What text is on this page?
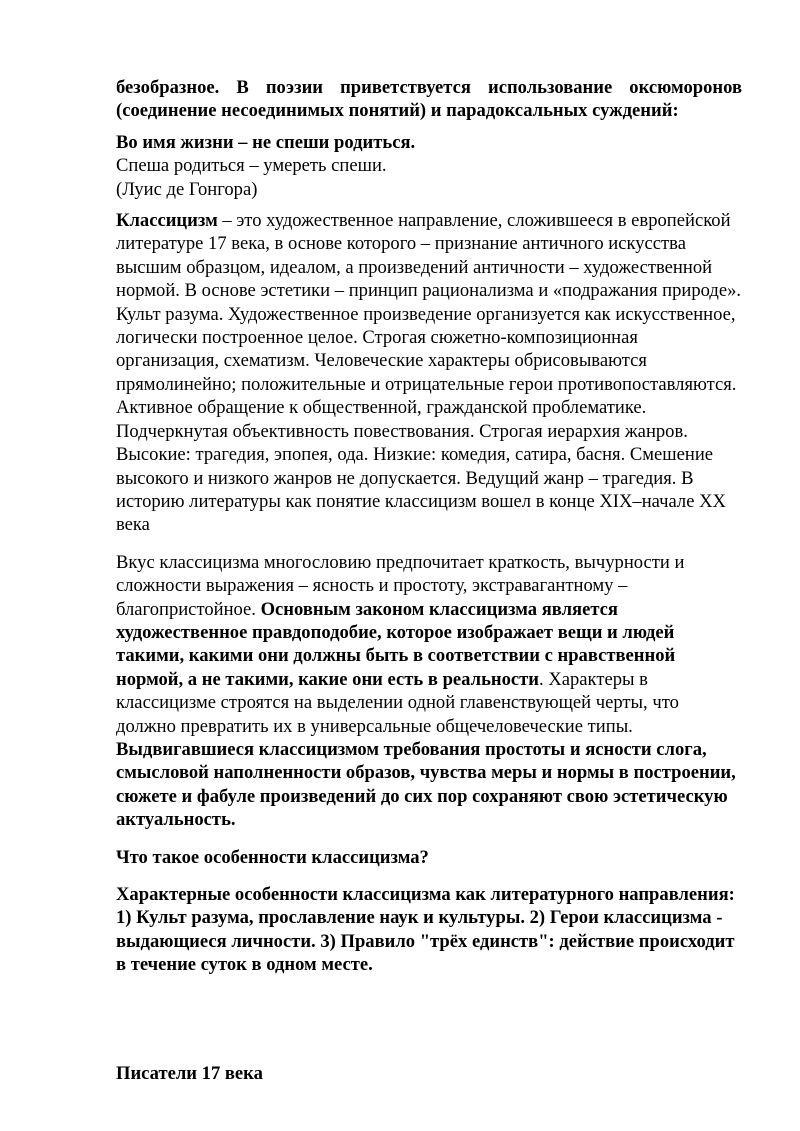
безобразное. В поэзии приветствуется использование оксюморонов (соединение несоединимых понятий) и парадоксальных суждений:

Во имя жизни – не спеши родиться.

Спеша родиться – умереть спеши.

(Луис де Гонгора)

Классицизм – это художественное направление, сложившееся в европейской литературе 17 века, в основе которого – признание античного искусства высшим образцом, идеалом, а произведений античности – художественной нормой. В основе эстетики – принцип рационализма и «подражания природе». Культ разума. Художественное произведение организуется как искусственное, логически построенное целое. Строгая сюжетно-композиционная организация, схематизм. Человеческие характеры обрисовываются прямолинейно; положительные и отрицательные герои противопоставляются. Активное обращение к общественной, гражданской проблематике. Подчеркнутая объективность повествования. Строгая иерархия жанров. Высокие: трагедия, эпопея, ода. Низкие: комедия, сатира, басня. Смешение высокого и низкого жанров не допускается. Ведущий жанр – трагедия. В историю литературы как понятие классицизм вошел в конце XIX–начале XX века

Вкус классицизма многословию предпочитает краткость, вычурности и сложности выражения – ясность и простоту, экстравагантному – благопристойное. Основным законом классицизма является художественное правдоподобие, которое изображает вещи и людей такими, какими они должны быть в соответствии с нравственной нормой, а не такими, какие они есть в реальности. Характеры в классицизме строятся на выделении одной главенствующей черты, что должно превратить их в универсальные общечеловеческие типы. Выдвигавшиеся классицизмом требования простоты и ясности слога, смысловой наполненности образов, чувства меры и нормы в построении, сюжете и фабуле произведений до сих пор сохраняют свою эстетическую актуальность.

Что такое особенности классицизма?

Характерные особенности классицизма как литературного направления: 1) Культ разума, прославление наук и культуры. 2) Герои классицизма - выдающиеся личности. 3) Правило "трёх единств": действие происходит в течение суток в одном месте.

Писатели 17 века
